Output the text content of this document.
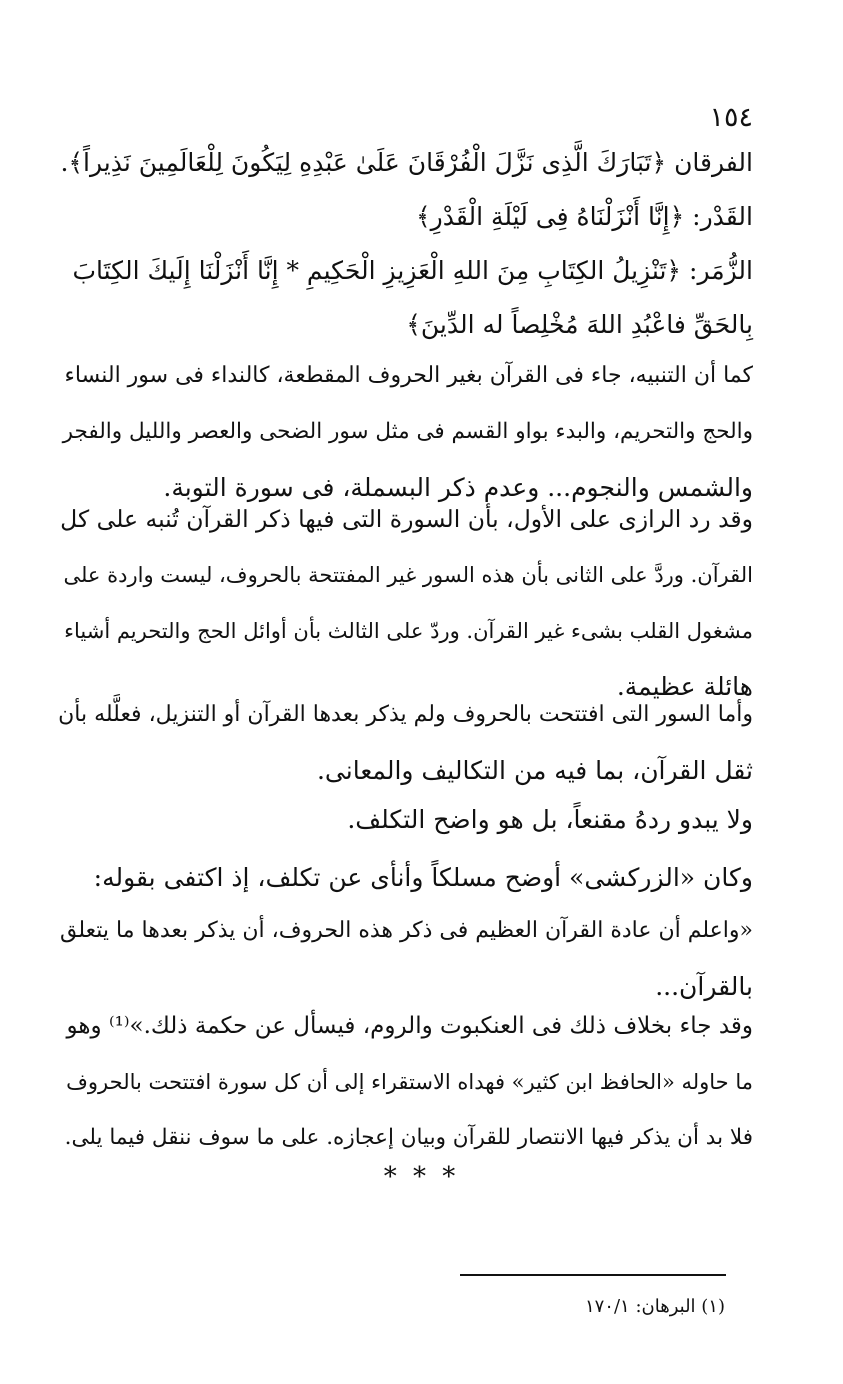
١٥٤
الفرقان ﴿تَبَارَكَ الَّذِى نَزَّلَ الْفُرْقَانَ عَلَىٰ عَبْدِهِ لِيَكُونَ لِلْعَالَمِينَ نَذِيراً﴾.
القَدْر: ﴿إِنَّا أَنْزَلْنَاهُ فِى لَيْلَةِ الْقَدْرِ﴾
الزُّمَر: ﴿تَنْزِيلُ الكِتَابِ مِنَ اللهِ الْعَزِيزِ الْحَكِيمِ * إِنَّا أَنْزَلْنَا إِلَيكَ الكِتَابَ
بِالحَقِّ فاعْبُدِ اللهَ مُخْلِصاً له الدِّينَ﴾
كما أن التنبيه، جاء فى القرآن بغير الحروف المقطعة، كالنداء فى سور النساء
والحج والتحريم، والبدء بواو القسم فى مثل سور الضحى والعصر والليل والفجر
والشمس والنجوم... وعدم ذكر البسملة، فى سورة التوبة.
وقد رد الرازى على الأول، بأن السورة التى فيها ذكر القرآن تُنبه على كل
القرآن. وردَّ على الثانى بأن هذه السور غير المفتتحة بالحروف، ليست واردة على
مشغول القلب بشىء غير القرآن. وردّ على الثالث بأن أوائل الحج والتحريم أشياء
هائلة عظيمة.
وأما السور التى افتتحت بالحروف ولم يذكر بعدها القرآن أو التنزيل، فعلَّله بأن
ثقل القرآن، بما فيه من التكاليف والمعانى.
ولا يبدو ردهُ مقنعاً، بل هو واضح التكلف.
وكان «الزركشى» أوضح مسلكاً وأنأى عن تكلف، إذ اكتفى بقوله:
«واعلم أن عادة القرآن العظيم فى ذكر هذه الحروف، أن يذكر بعدها ما يتعلق
بالقرآن...
وقد جاء بخلاف ذلك فى العنكبوت والروم، فيسأل عن حكمة ذلك.»⁽¹⁾ وهو
ما حاوله «الحافظ ابن كثير» فهداه الاستقراء إلى أن كل سورة افتتحت بالحروف
فلا بد أن يذكر فيها الانتصار للقرآن وبيان إعجازه. على ما سوف ننقل فيما يلى.
* * *
(١) البرهان: ١٧٠/١
